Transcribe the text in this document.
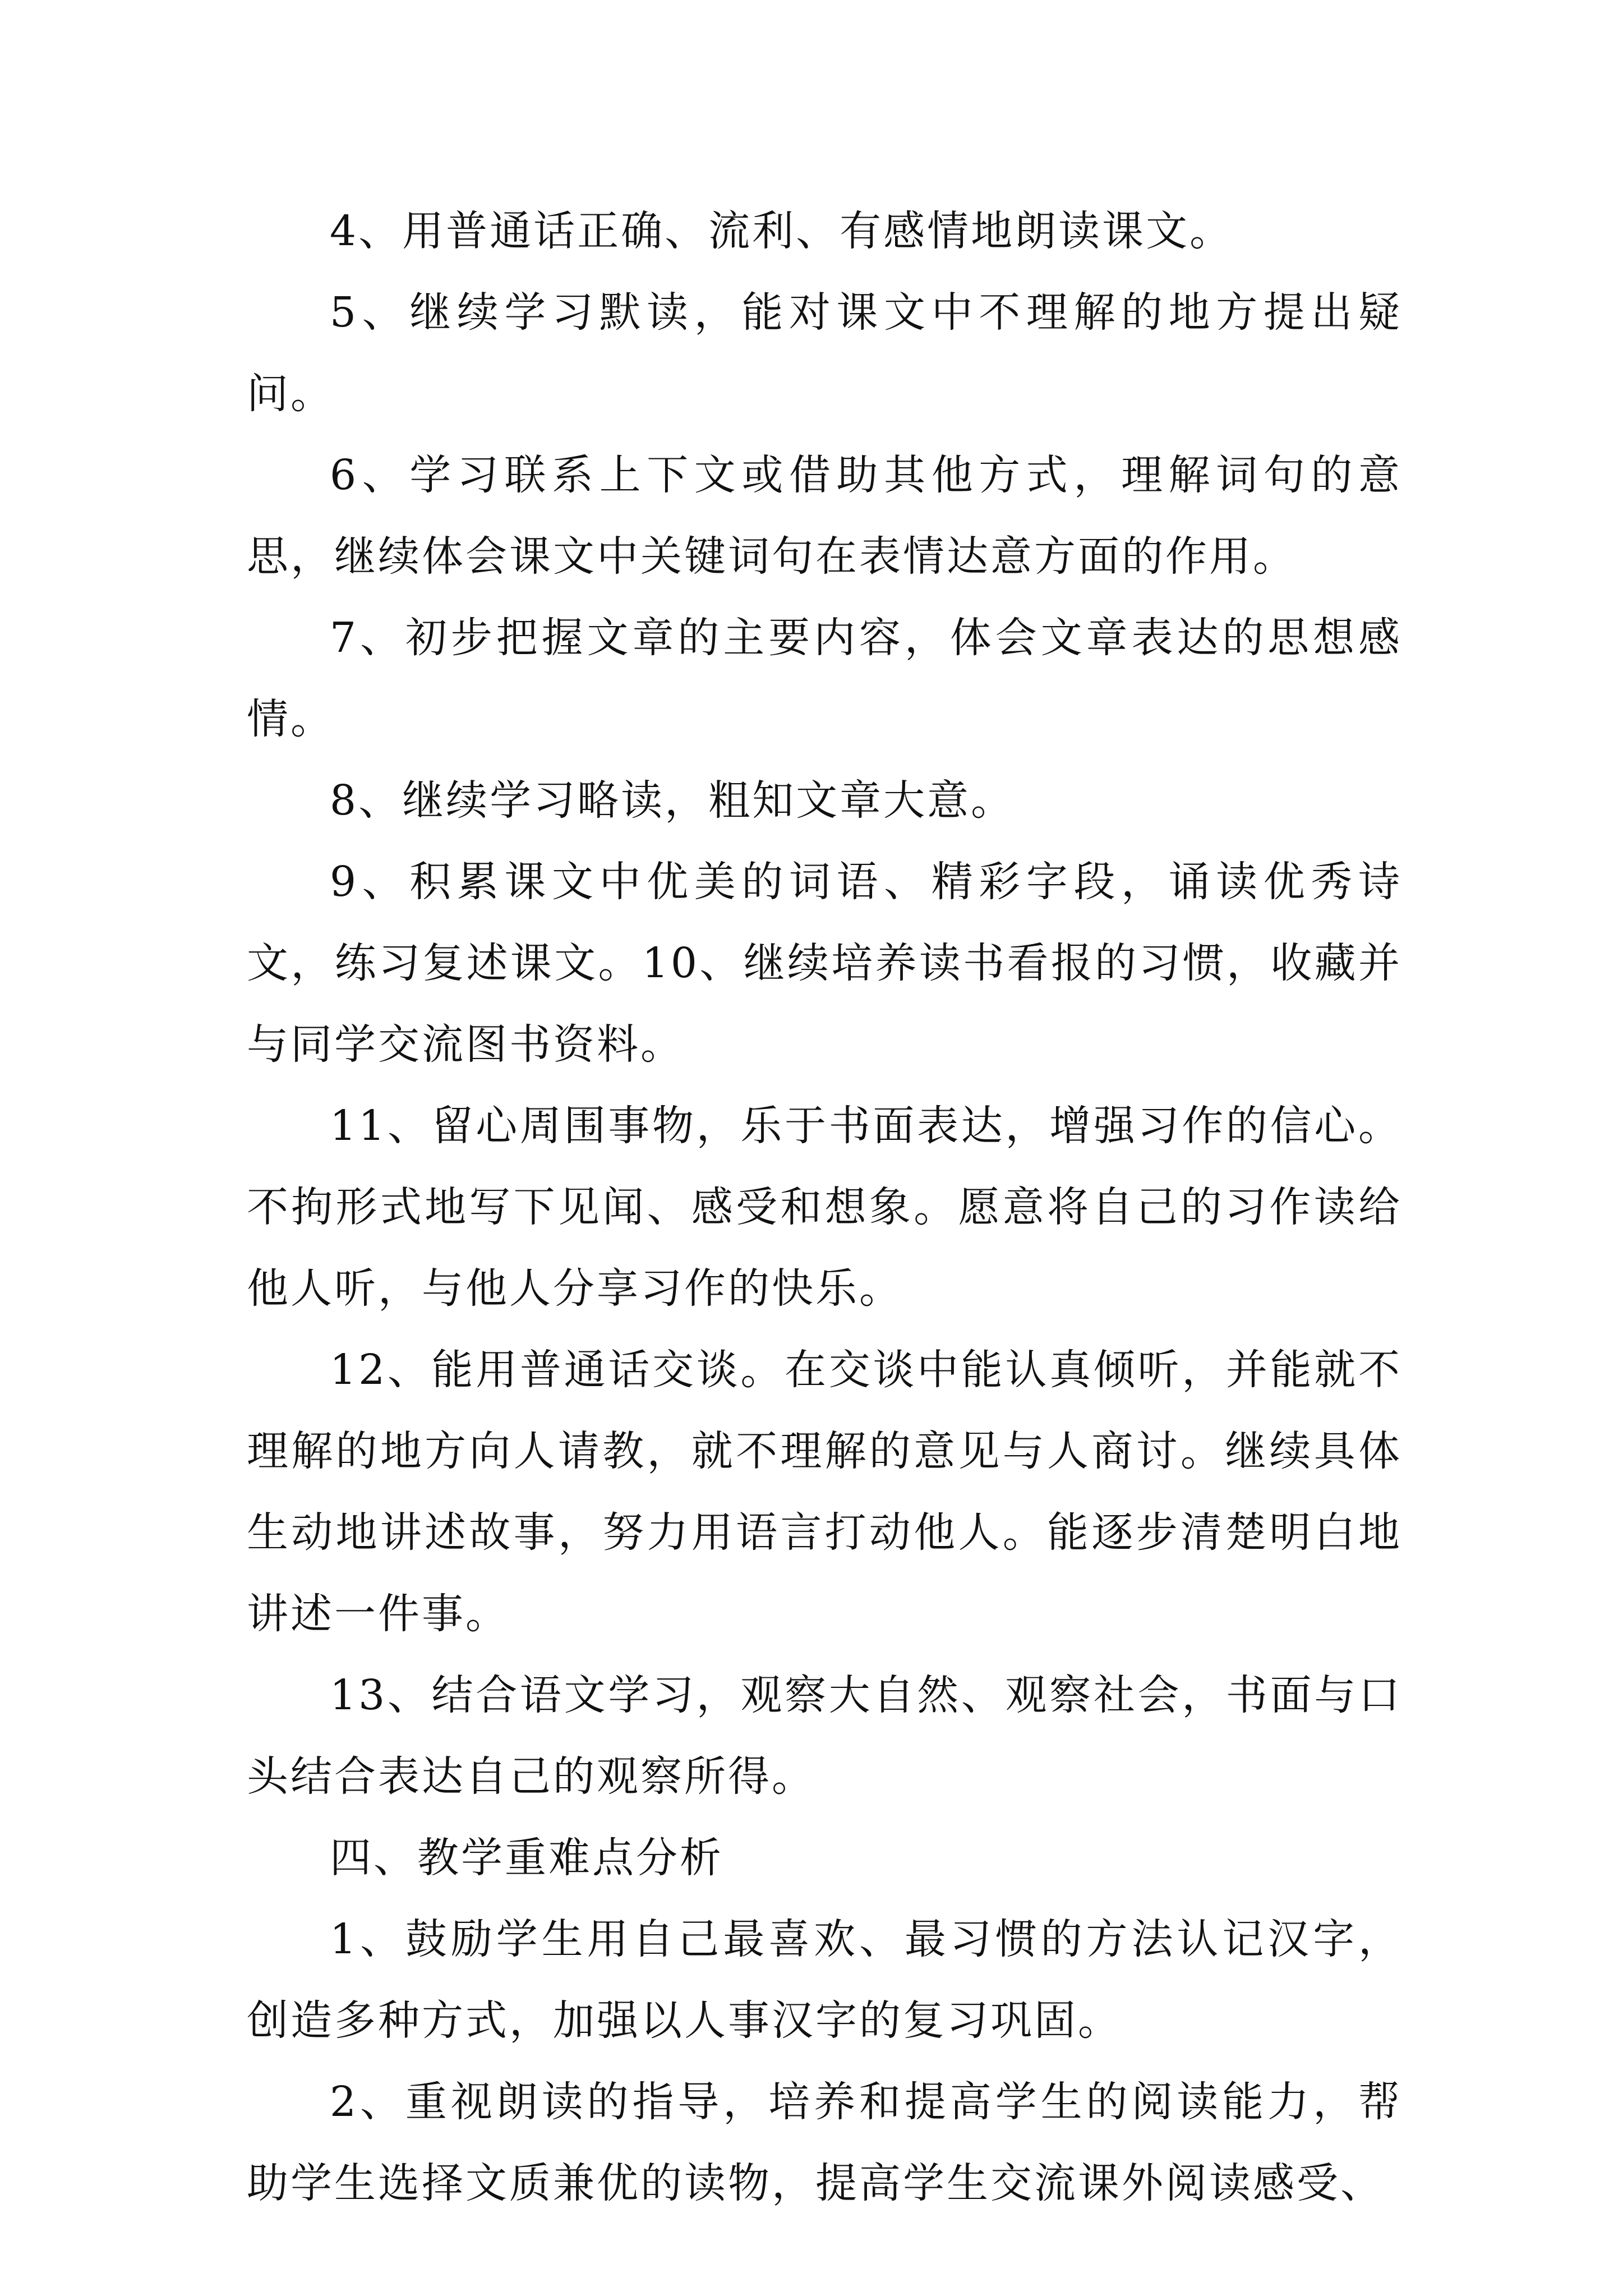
4、用普通话正确、流利、有感情地朗读课文。

5、继续学习默读，能对课文中不理解的地方提出疑问。

6、学习联系上下文或借助其他方式，理解词句的意思，继续体会课文中关键词句在表情达意方面的作用。

7、初步把握文章的主要内容，体会文章表达的思想感情。

8、继续学习略读，粗知文章大意。

9、积累课文中优美的词语、精彩字段，诵读优秀诗文，练习复述课文。10、继续培养读书看报的习惯，收藏并与同学交流图书资料。

11、留心周围事物，乐于书面表达，增强习作的信心。不拘形式地写下见闻、感受和想象。愿意将自己的习作读给他人听，与他人分享习作的快乐。

12、能用普通话交谈。在交谈中能认真倾听，并能就不理解的地方向人请教，就不理解的意见与人商讨。继续具体生动地讲述故事，努力用语言打动他人。能逐步清楚明白地讲述一件事。

13、结合语文学习，观察大自然、观察社会，书面与口头结合表达自己的观察所得。

四、教学重难点分析

1、鼓励学生用自己最喜欢、最习惯的方法认记汉字，创造多种方式，加强以人事汉字的复习巩固。

2、重视朗读的指导，培养和提高学生的阅读能力，帮助学生选择文质兼优的读物，提高学生交流课外阅读感受、
